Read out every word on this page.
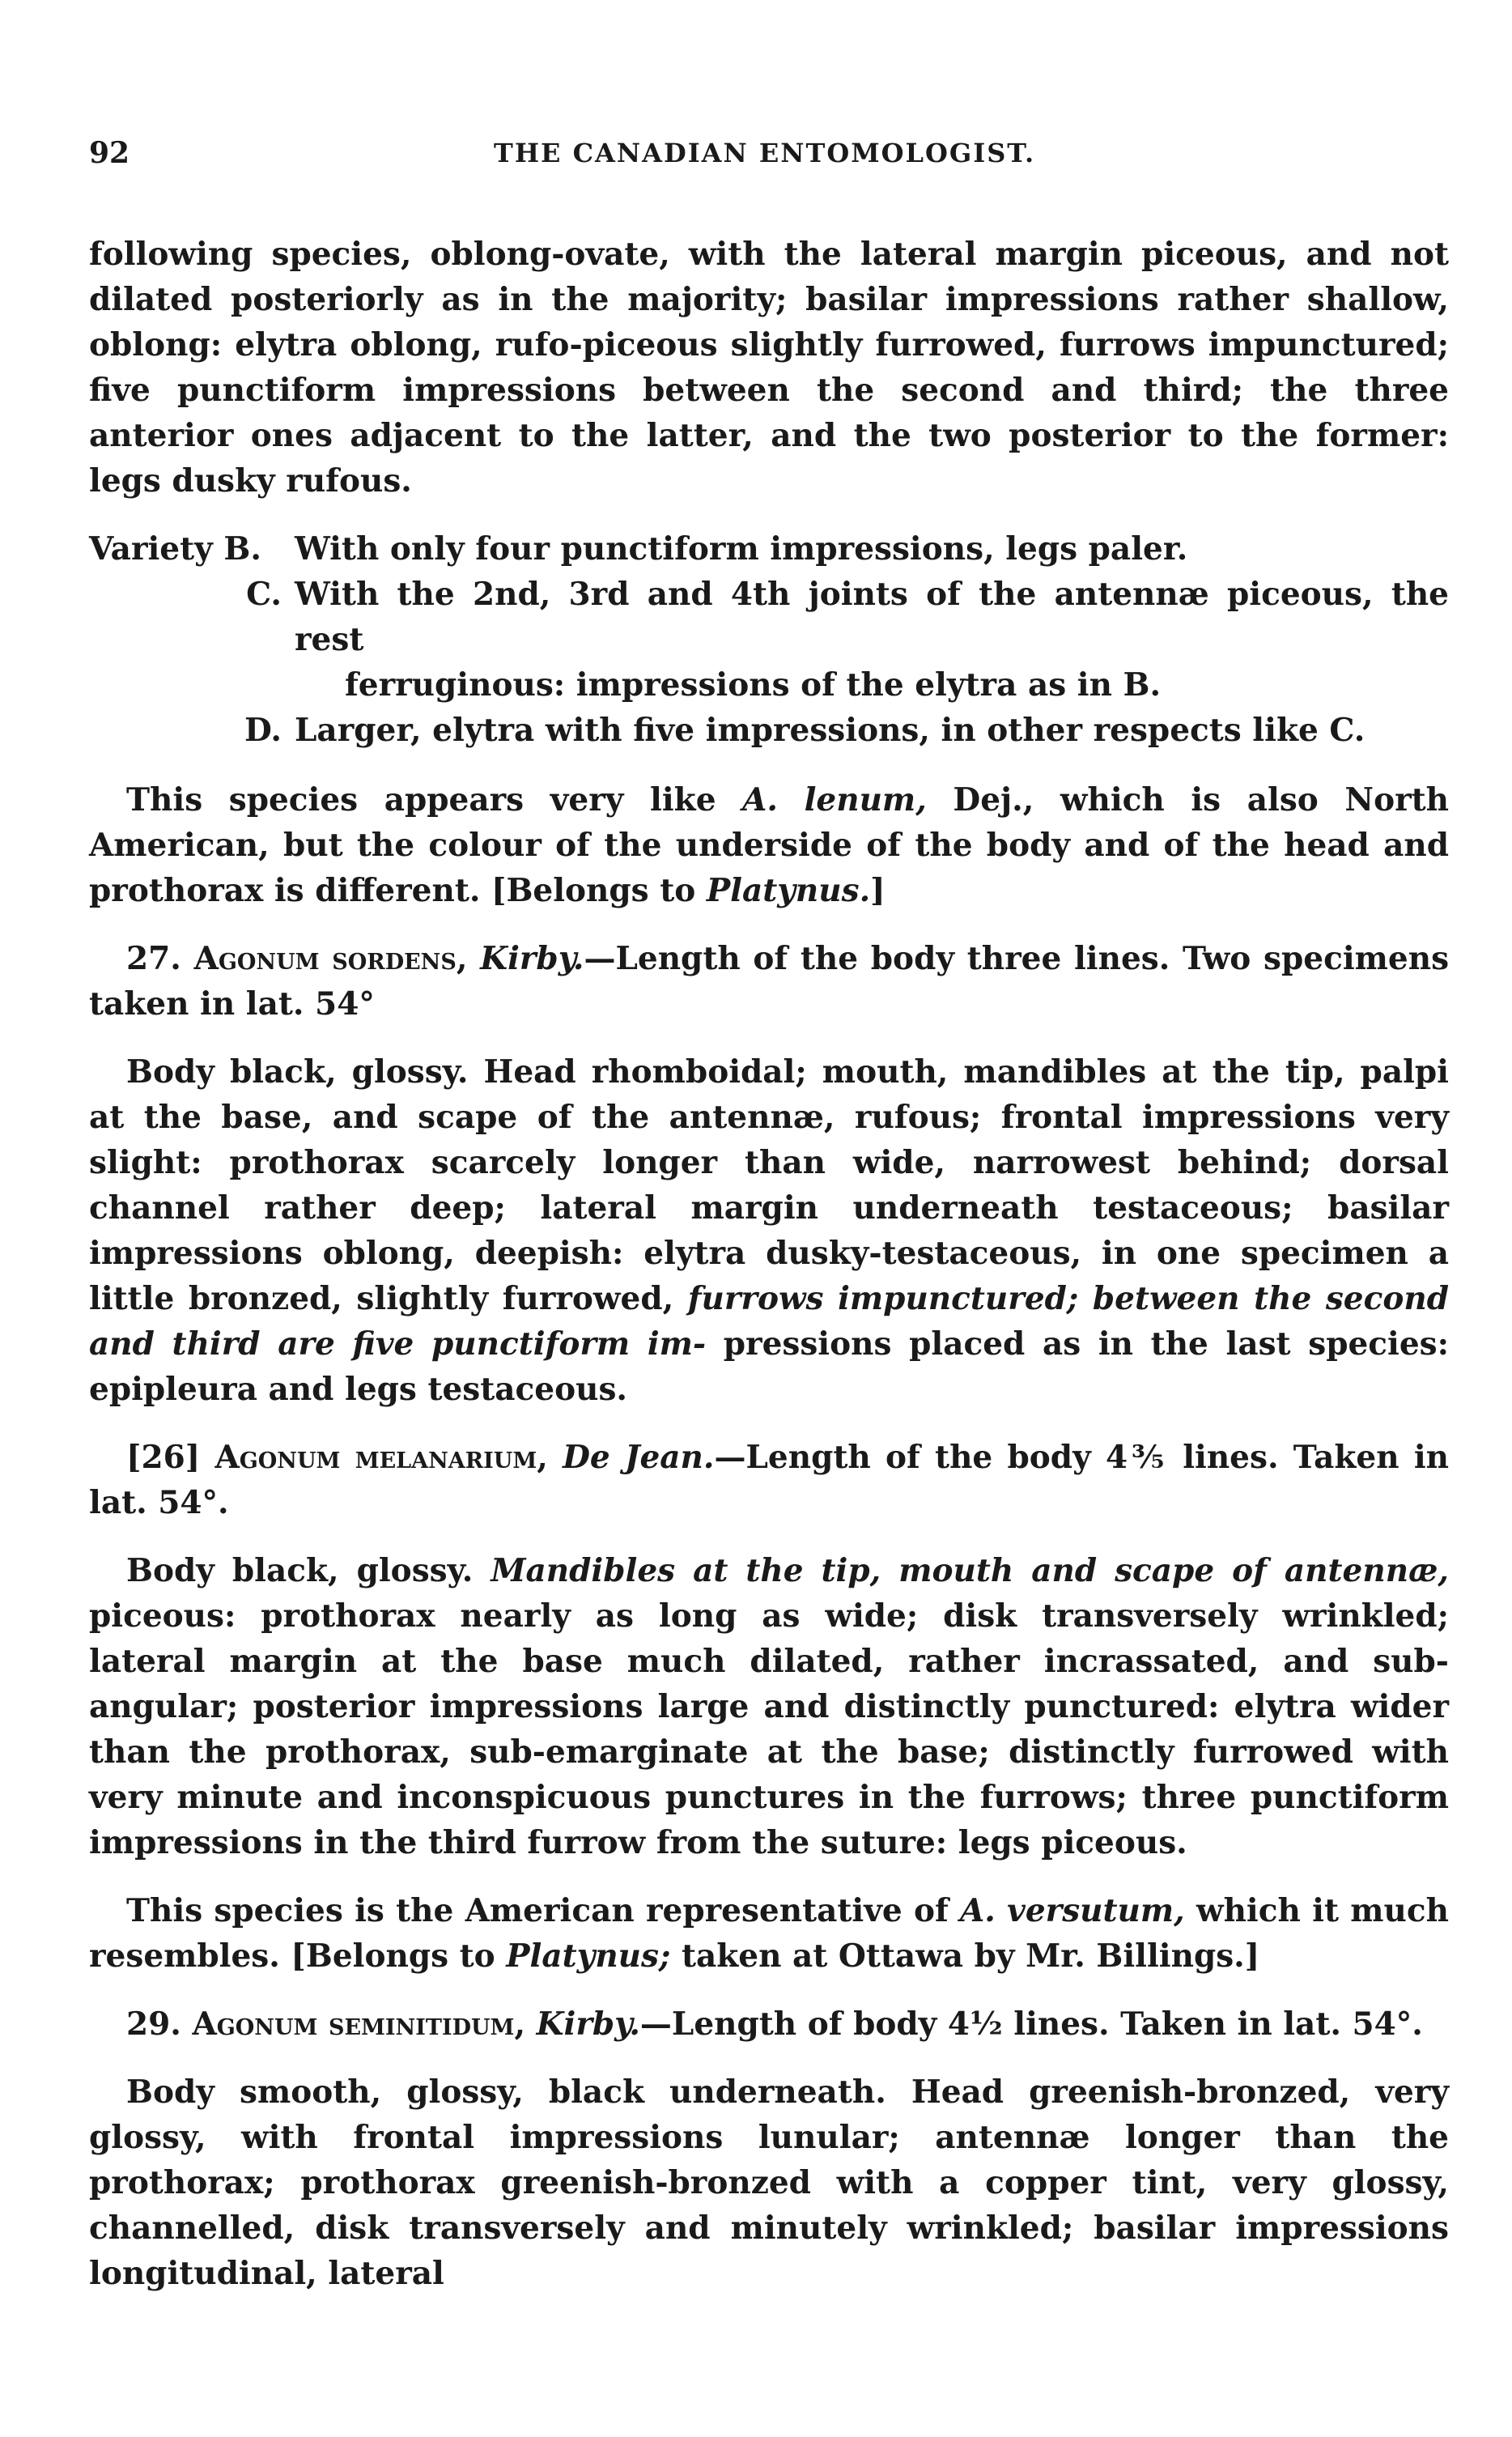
92	THE CANADIAN ENTOMOLOGIST.

following species, oblong-ovate, with the lateral margin piceous, and not dilated posteriorly as in the majority; basilar impressions rather shallow, oblong: elytra oblong, rufo-piceous slightly furrowed, furrows impunctured; five punctiform impressions between the second and third; the three anterior ones adjacent to the latter, and the two posterior to the former: legs dusky rufous.

Variety B.	With only four punctiform impressions, legs paler.
C. With the 2nd, 3rd and 4th joints of the antennæ piceous, the rest
ferruginous: impressions of the elytra as in B.
D. Larger, elytra with five impressions, in other respects like C.

This species appears very like A. lenum, Dej., which is also North American, but the colour of the underside of the body and of the head and prothorax is different. [Belongs to Platynus.]

27. Agonum sordens, Kirby.—Length of the body three lines. Two specimens taken in lat. 54°

Body black, glossy. Head rhomboidal; mouth, mandibles at the tip, palpi at the base, and scape of the antennæ, rufous; frontal impressions very slight: prothorax scarcely longer than wide, narrowest behind; dorsal channel rather deep; lateral margin underneath testaceous; basilar impressions oblong, deepish: elytra dusky-testaceous, in one specimen a little bronzed, slightly furrowed, furrows impunctured; between the second and third are five punctiform im- pressions placed as in the last species: epipleura and legs testaceous.

[26] Agonum melanarium, De Jean.—Length of the body 4⅗ lines. Taken in lat. 54°.

Body black, glossy. Mandibles at the tip, mouth and scape of antennæ, piceous: prothorax nearly as long as wide; disk transversely wrinkled; lateral margin at the base much dilated, rather incrassated, and sub-angular; posterior impressions large and distinctly punctured: elytra wider than the prothorax, sub-emarginate at the base; distinctly furrowed with very minute and inconspicuous punctures in the furrows; three punctiform impressions in the third furrow from the suture: legs piceous.

This species is the American representative of A. versutum, which it much resembles. [Belongs to Platynus; taken at Ottawa by Mr. Billings.]

29. Agonum seminitidum, Kirby.—Length of body 4½ lines. Taken in lat. 54°.

Body smooth, glossy, black underneath. Head greenish-bronzed, very glossy, with frontal impressions lunular; antennæ longer than the prothorax; prothorax greenish-bronzed with a copper tint, very glossy, channelled, disk transversely and minutely wrinkled; basilar impressions longitudinal, lateral
